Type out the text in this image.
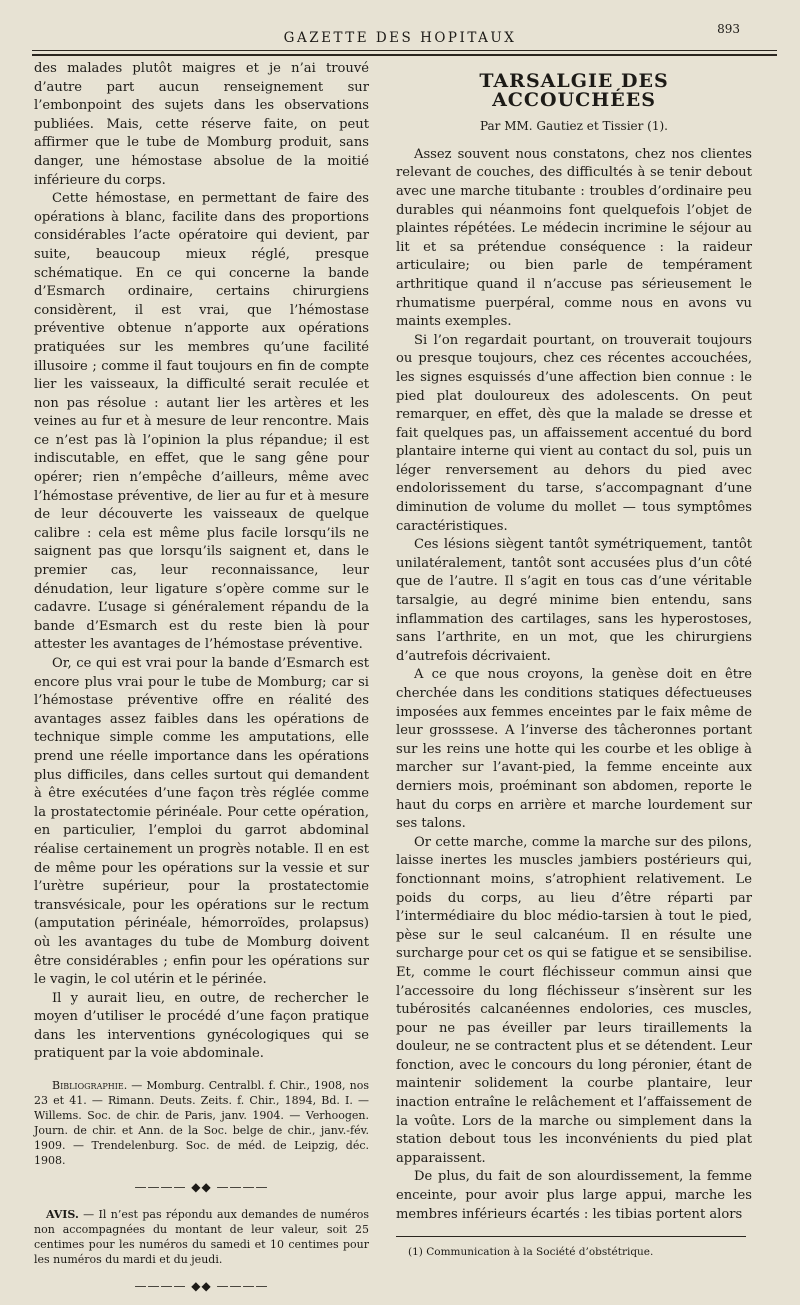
GAZETTE DES HOPITAUX
893

des malades plutôt maigres et je n’ai trouvé d’autre part aucun renseignement sur l’embonpoint des sujets dans les observations publiées. Mais, cette réserve faite, on peut affirmer que le tube de Momburg produit, sans danger, une hémostase absolue de la moitié inférieure du corps.

Cette hémostase, en permettant de faire des opérations à blanc, facilite dans des proportions considérables l’acte opératoire qui devient, par suite, beaucoup mieux réglé, presque schématique. En ce qui concerne la bande d’Esmarch ordinaire, certains chirurgiens considèrent, il est vrai, que l’hémostase préventive obtenue n’apporte aux opérations pratiquées sur les membres qu’une facilité illusoire ; comme il faut toujours en fin de compte lier les vaisseaux, la difficulté serait reculée et non pas résolue : autant lier les artères et les veines au fur et à mesure de leur rencontre. Mais ce n’est pas là l’opinion la plus répandue; il est indiscutable, en effet, que le sang gêne pour opérer; rien n’empêche d’ailleurs, même avec l’hémostase préventive, de lier au fur et à mesure de leur découverte les vaisseaux de quelque calibre : cela est même plus facile lorsqu’ils ne saignent pas que lorsqu’ils saignent et, dans le premier cas, leur reconnaissance, leur dénudation, leur ligature s’opère comme sur le cadavre. L’usage si généralement répandu de la bande d’Esmarch est du reste bien là pour attester les avantages de l’hémostase préventive.

Or, ce qui est vrai pour la bande d’Esmarch est encore plus vrai pour le tube de Momburg; car si l’hémostase préventive offre en réalité des avantages assez faibles dans les opérations de technique simple comme les amputations, elle prend une réelle importance dans les opérations plus difficiles, dans celles surtout qui demandent à être exécutées d’une façon très réglée comme la prostatectomie périnéale. Pour cette opération, en particulier, l’emploi du garrot abdominal réalise certainement un progrès notable. Il en est de même pour les opérations sur la vessie et sur l’urètre supérieur, pour la prostatectomie transvésicale, pour les opérations sur le rectum (amputation périnéale, hémorroïdes, prolapsus) où les avantages du tube de Momburg doivent être considérables ; enfin pour les opérations sur le vagin, le col utérin et le périnée.

Il y aurait lieu, en outre, de rechercher le moyen d’utiliser le procédé d’une façon pratique dans les interventions gynécologiques qui se pratiquent par la voie abdominale.

Bibliographie. — Momburg. Centralbl. f. Chir., 1908, nos 23 et 41. — Rimann. Deuts. Zeits. f. Chir., 1894, Bd. I. — Willems. Soc. de chir. de Paris, janv. 1904. — Verhoogen. Journ. de chir. et Ann. de la Soc. belge de chir., janv.-fév. 1909. — Trendelenburg. Soc. de méd. de Leipzig, déc. 1908.

———— ◆◆ ————

AVIS. — Il n’est pas répondu aux demandes de numéros non accompagnées du montant de leur valeur, soit 25 centimes pour les numéros du samedi et 10 centimes pour les numéros du mardi et du jeudi.

———— ◆◆ ————
TARSALGIE DES ACCOUCHÉES
Par MM. Gautiez et Tissier (1).

Assez souvent nous constatons, chez nos clientes relevant de couches, des difficultés à se tenir debout avec une marche titubante : troubles d’ordinaire peu durables qui néanmoins font quelquefois l’objet de plaintes répétées. Le médecin incrimine le séjour au lit et sa prétendue conséquence : la raideur articulaire; ou bien parle de tempérament arthritique quand il n’accuse pas sérieusement le rhumatisme puerpéral, comme nous en avons vu maints exemples.

Si l’on regardait pourtant, on trouverait toujours ou presque toujours, chez ces récentes accouchées, les signes esquissés d’une affection bien connue : le pied plat douloureux des adolescents. On peut remarquer, en effet, dès que la malade se dresse et fait quelques pas, un affaissement accentué du bord plantaire interne qui vient au contact du sol, puis un léger renversement au dehors du pied avec endolorissement du tarse, s’accompagnant d’une diminution de volume du mollet — tous symptômes caractéristiques.

Ces lésions siègent tantôt symétriquement, tantôt unilatéralement, tantôt sont accusées plus d’un côté que de l’autre. Il s’agit en tous cas d’une véritable tarsalgie, au degré minime bien entendu, sans inflammation des cartilages, sans les hyperostoses, sans l’arthrite, en un mot, que les chirurgiens d’autrefois décrivaient.

A ce que nous croyons, la genèse doit en être cherchée dans les conditions statiques défectueuses imposées aux femmes enceintes par le faix même de leur grosssese. A l’inverse des tâcheronnes portant sur les reins une hotte qui les courbe et les oblige à marcher sur l’avant-pied, la femme enceinte aux derniers mois, proéminant son abdomen, reporte le haut du corps en arrière et marche lourdement sur ses talons.

Or cette marche, comme la marche sur des pilons, laisse inertes les muscles jambiers postérieurs qui, fonctionnant moins, s’atrophient relativement. Le poids du corps, au lieu d’être réparti par l’intermédiaire du bloc médio-tarsien à tout le pied, pèse sur le seul calcanéum. Il en résulte une surcharge pour cet os qui se fatigue et se sensibilise. Et, comme le court fléchisseur commun ainsi que l’accessoire du long fléchisseur s’insèrent sur les tubérosités calcanéennes endolories, ces muscles, pour ne pas éveiller par leurs tiraillements la douleur, ne se contractent plus et se détendent. Leur fonction, avec le concours du long péronier, étant de maintenir solidement la courbe plantaire, leur inaction entraîne le relâchement et l’affaissement de la voûte. Lors de la marche ou simplement dans la station debout tous les inconvénients du pied plat apparaissent.

De plus, du fait de son alourdissement, la femme enceinte, pour avoir plus large appui, marche les membres inférieurs écartés : les tibias portent alors

(1) Communication à la Société d’obstétrique.
